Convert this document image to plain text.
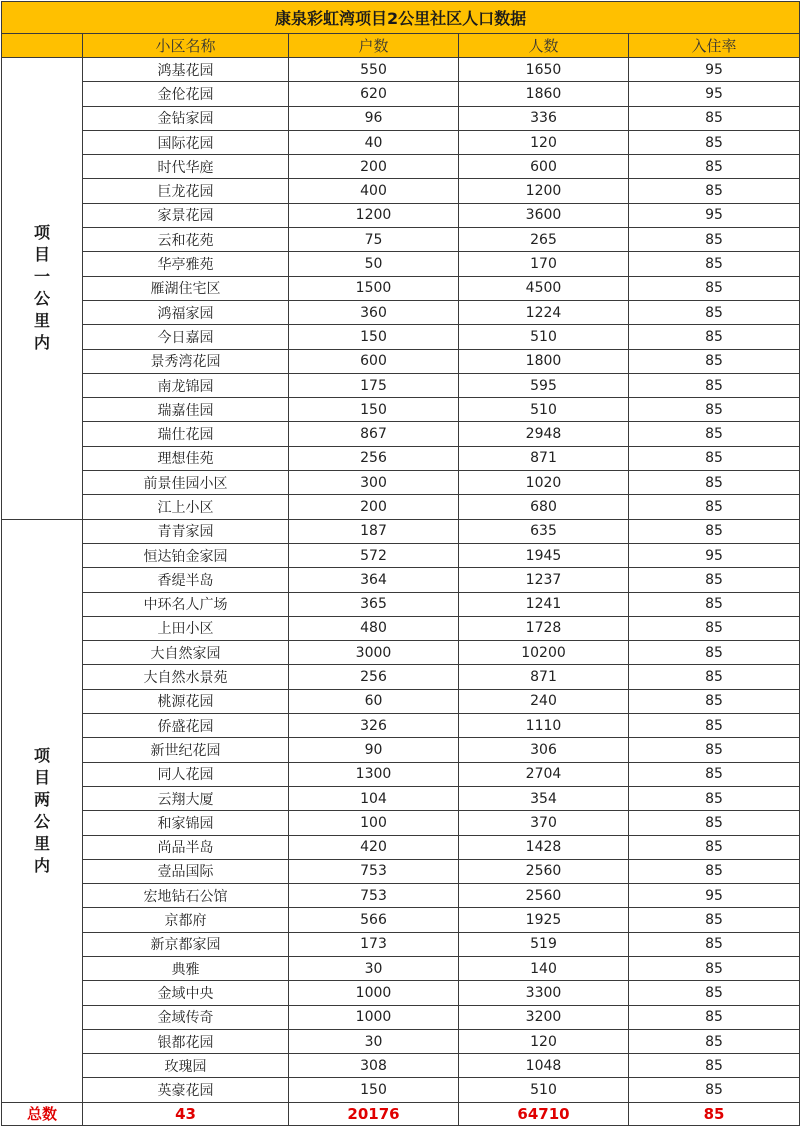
康泉彩虹湾项目2公里社区人口数据				
	小区名称	户数	人数	入住率
项目一公里内	鸿基花园	550	1650	95
	金伦花园	620	1860	95
	金钻家园	96	336	85
	国际花园	40	120	85
	时代华庭	200	600	85
	巨龙花园	400	1200	85
	家景花园	1200	3600	95
	云和花苑	75	265	85
	华亭雅苑	50	170	85
	雁湖住宅区	1500	4500	85
	鸿福家园	360	1224	85
	今日嘉园	150	510	85
	景秀湾花园	600	1800	85
	南龙锦园	175	595	85
	瑞嘉佳园	150	510	85
	瑞仕花园	867	2948	85
	理想佳苑	256	871	85
	前景佳园小区	300	1020	85
	江上小区	200	680	85
项目两公里内	青青家园	187	635	85
	恒达铂金家园	572	1945	95
	香缇半岛	364	1237	85
	中环名人广场	365	1241	85
	上田小区	480	1728	85
	大自然家园	3000	10200	85
	大自然水景苑	256	871	85
	桃源花园	60	240	85
	侨盛花园	326	1110	85
	新世纪花园	90	306	85
	同人花园	1300	2704	85
	云翔大厦	104	354	85
	和家锦园	100	370	85
	尚品半岛	420	1428	85
	壹品国际	753	2560	85
	宏地钻石公馆	753	2560	95
	京都府	566	1925	85
	新京都家园	173	519	85
	典雅	30	140	85
	金域中央	1000	3300	85
	金域传奇	1000	3200	85
	银都花园	30	120	85
	玫瑰园	308	1048	85
	英豪花园	150	510	85
总数	43	20176	64710	85
